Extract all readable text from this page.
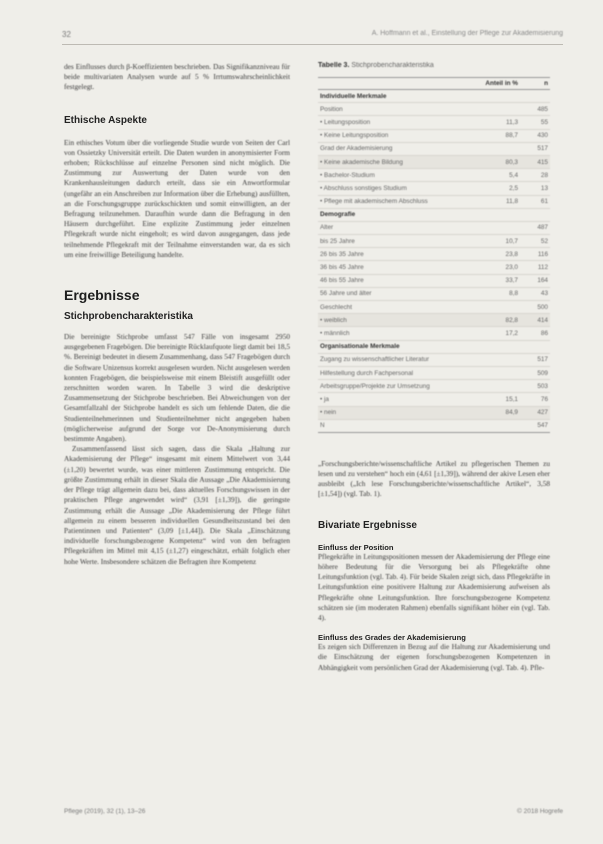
32	A. Hoffmann et al., Einstellung der Pflege zur Akademisierung

des Einflusses durch β-Koeffizienten beschrieben. Das Signifikanzniveau für beide multivariaten Analysen wurde auf 5 % Irrtumswahrscheinlichkeit festgelegt.

Ethische Aspekte

Ein ethisches Votum über die vorliegende Studie wurde von Seiten der Carl von Ossietzky Universität erteilt. Die Daten wurden in anonymisierter Form erhoben; Rückschlüsse auf einzelne Personen sind nicht möglich. Die Zustimmung zur Auswertung der Daten wurde von den Krankenhausleitungen dadurch erteilt, dass sie ein Anwortformular (ungefähr an ein Anschreiben zur Information über die Erhebung) ausfüllten, an die Forschungsgruppe zurückschickten und somit einwilligten, an der Befragung teilzunehmen. Daraufhin wurde dann die Befragung in den Häusern durchgeführt. Eine explizite Zustimmung jeder einzelnen Pflegekraft wurde nicht eingeholt; es wird davon ausgegangen, dass jede teilnehmende Pflegekraft mit der Teilnahme einverstanden war, da es sich um eine freiwillige Beteiligung handelte.

Ergebnisse
Stichprobencharakteristika

Die bereinigte Stichprobe umfasst 547 Fälle von insgesamt 2950 ausgegebenen Fragebögen. Die bereinigte Rücklaufquote liegt damit bei 18,5 %. Bereinigt bedeutet in diesem Zusammenhang, dass 547 Fragebögen durch die Software Unizensus korrekt ausgelesen wurden. Nicht ausgelesen werden konnten Fragebögen, die beispielsweise mit einem Bleistift ausgefüllt oder zerschnitten worden waren. In Tabelle 3 wird die deskriptive Zusammensetzung der Stichprobe beschrieben. Bei Abweichungen von der Gesamtfallzahl der Stichprobe handelt es sich um fehlende Daten, die die Studienteilnehmerinnen und Studienteilnehmer nicht angegeben haben (möglicherweise aufgrund der Sorge vor De-Anonymisierung durch bestimmte Angaben).

Zusammenfassend lässt sich sagen, dass die Skala „Haltung zur Akademisierung der Pflege“ insgesamt mit einem Mittelwert von 3,44 (±1,20) bewertet wurde, was einer mittleren Zustimmung entspricht. Die größte Zustimmung erhält in dieser Skala die Aussage „Die Akademisierung der Pflege trägt allgemein dazu bei, dass aktuelles Forschungswissen in der praktischen Pflege angewendet wird“ (3,91 [±1,39]), die geringste Zustimmung erhält die Aussage „Die Akademisierung der Pflege führt allgemein zu einem besseren individuellen Gesundheitszustand bei den Patientinnen und Patienten“ (3,09 [±1,44]). Die Skala „Einschätzung individuelle forschungsbezogene Kompetenz“ wird von den befragten Pflegekräften im Mittel mit 4,15 (±1,27) eingeschätzt, erhält folglich eher hohe Werte. Insbesondere schätzen die Befragten ihre Kompetenz

Tabelle 3. Stichprobencharakteristika
	Anteil in %	n
Individuelle Merkmale		
Position		485
• Leitungsposition	11,3	55
• Keine Leitungsposition	88,7	430
Grad der Akademisierung		517
• Keine akademische Bildung	80,3	415
• Bachelor-Studium	5,4	28
• Abschluss sonstiges Studium	2,5	13
• Pflege mit akademischem Abschluss	11,8	61
Demografie		
Alter		487
bis 25 Jahre	10,7	52
26 bis 35 Jahre	23,8	116
36 bis 45 Jahre	23,0	112
46 bis 55 Jahre	33,7	164
56 Jahre und älter	8,8	43
Geschlecht		500
• weiblich	82,8	414
• männlich	17,2	86
Organisationale Merkmale		
Zugang zu wissenschaftlicher Literatur		517
Hilfestellung durch Fachpersonal		509
Arbeitsgruppe/Projekte zur Umsetzung		503
• ja	15,1	76
• nein	84,9	427
N		547

„Forschungsberichte/wissenschaftliche Artikel zu pflegerischen Themen zu lesen und zu verstehen“ hoch ein (4,61 [±1,39]), während der akive Lesen eher ausbleibt („Ich lese Forschungsberichte/wissenschaftliche Artikel“, 3,58 [±1,54]) (vgl. Tab. 1).

Bivariate Ergebnisse
Einfluss der Position

Pflegekräfte in Leitungspositionen messen der Akademisierung der Pflege eine höhere Bedeutung für die Versorgung bei als Pflegekräfte ohne Leitungsfunktion (vgl. Tab. 4). Für beide Skalen zeigt sich, dass Pflegekräfte in Leitungsfunktion eine positivere Haltung zur Akademisierung aufweisen als Pflegekräfte ohne Leitungsfunktion. Ihre forschungsbezogene Kompetenz schätzen sie (im moderaten Rahmen) ebenfalls signifikant höher ein (vgl. Tab. 4).

Einfluss des Grades der Akademisierung

Es zeigen sich Differenzen in Bezug auf die Haltung zur Akademisierung und die Einschätzung der eigenen forschungsbezogenen Kompetenzen in Abhängigkeit vom persönlichen Grad der Akademisierung (vgl. Tab. 4). Pfle-

Pflege (2019), 32 (1), 13–26	© 2018 Hogrefe
